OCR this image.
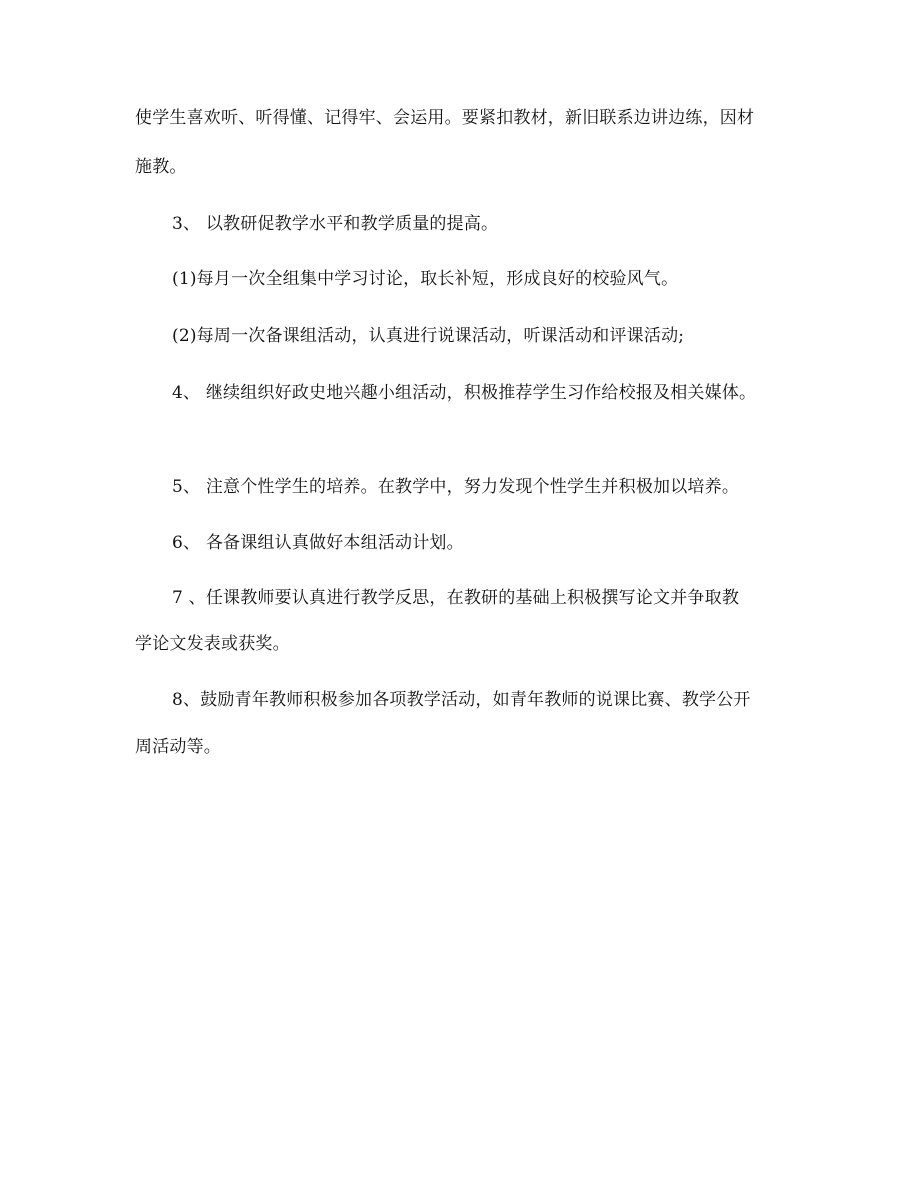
使学生喜欢听、听得懂、记得牢、会运用。要紧扣教材，新旧联系边讲边练，因材
施教。
3、 以教研促教学水平和教学质量的提高。
(1)每月一次全组集中学习讨论，取长补短，形成良好的校验风气。
(2)每周一次备课组活动，认真进行说课活动，听课活动和评课活动;
4、 继续组织好政史地兴趣小组活动，积极推荐学生习作给校报及相关媒体。
5、 注意个性学生的培养。在教学中，努力发现个性学生并积极加以培养。
6、 各备课组认真做好本组活动计划。
7 、任课教师要认真进行教学反思，在教研的基础上积极撰写论文并争取教
学论文发表或获奖。
8、鼓励青年教师积极参加各项教学活动，如青年教师的说课比赛、教学公开
周活动等。
